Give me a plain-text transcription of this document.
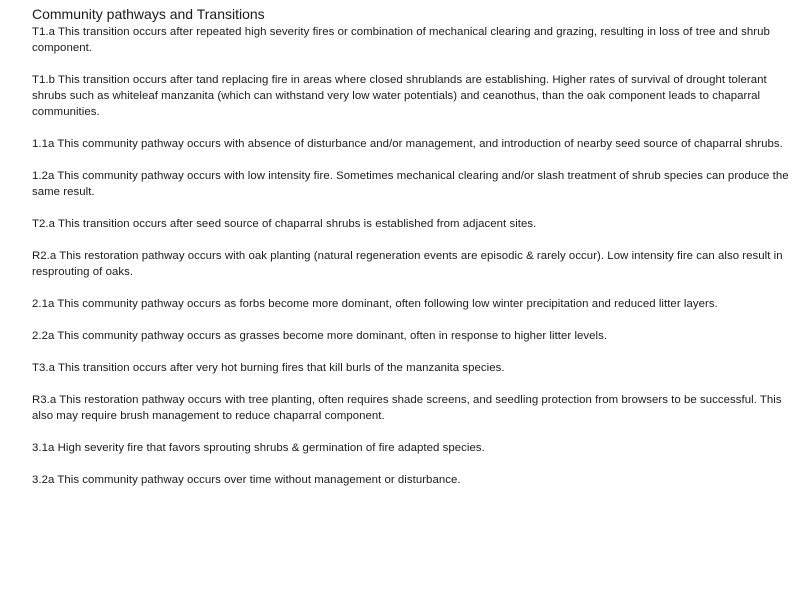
Community pathways and Transitions

T1.a This transition occurs after repeated high severity fires or combination of mechanical clearing and grazing, resulting in loss of tree and shrub component.

T1.b This transition occurs after tand replacing fire in areas where closed shrublands are establishing. Higher rates of survival of drought tolerant shrubs such as whiteleaf manzanita (which can withstand very low water potentials) and ceanothus, than the oak component leads to chaparral communities.

1.1a This community pathway occurs with absence of disturbance and/or management, and introduction of nearby seed source of chaparral shrubs.

1.2a This community pathway occurs with low intensity fire. Sometimes mechanical clearing and/or slash treatment of shrub species can produce the same result.

T2.a This transition occurs after seed source of chaparral shrubs is established from adjacent sites.

R2.a This restoration pathway occurs with oak planting (natural regeneration events are episodic & rarely occur). Low intensity fire can also result in resprouting of oaks.

2.1a This community pathway occurs as forbs become more dominant, often following low winter precipitation and reduced litter layers.

2.2a This community pathway occurs as grasses become more dominant, often in response to higher litter levels.

T3.a This transition occurs after very hot burning fires that kill burls of the manzanita species.

R3.a This restoration pathway occurs with tree planting, often requires shade screens, and seedling protection from browsers to be successful. This also may require brush management to reduce chaparral component.

3.1a High severity fire that favors sprouting shrubs & germination of fire adapted species.

3.2a This community pathway occurs over time without management or disturbance.
